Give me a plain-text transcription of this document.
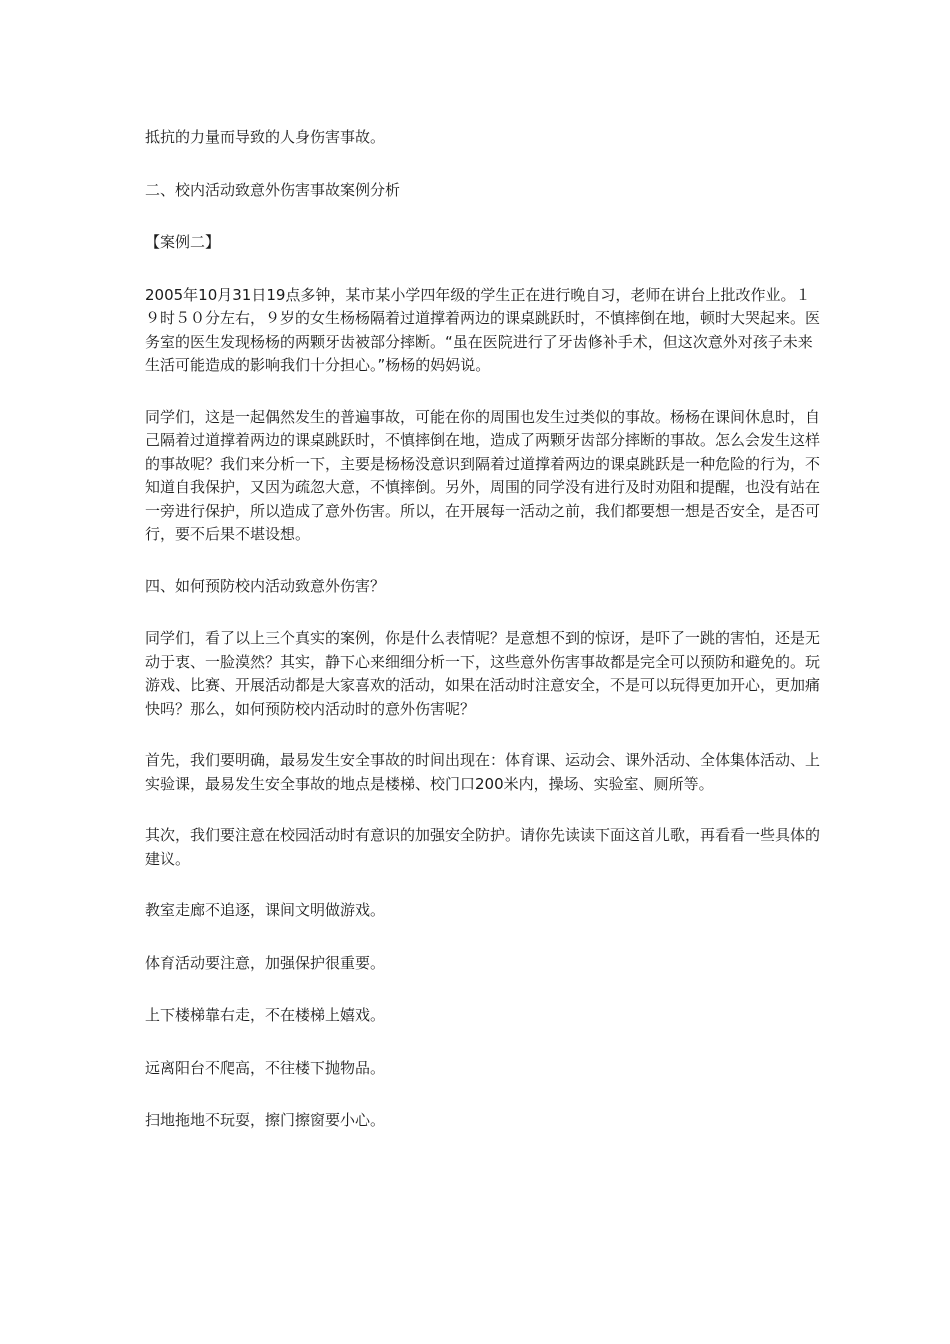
抵抗的力量而导致的人身伤害事故。

二、校内活动致意外伤害事故案例分析

【案例二】

2005年10月31日19点多钟，某市某小学四年级的学生正在进行晚自习，老师在讲台上批改作业。１９时５０分左右，９岁的女生杨杨隔着过道撑着两边的课桌跳跃时，不慎摔倒在地，顿时大哭起来。医务室的医生发现杨杨的两颗牙齿被部分摔断。“虽在医院进行了牙齿修补手术，但这次意外对孩子未来生活可能造成的影响我们十分担心。”杨杨的妈妈说。

同学们，这是一起偶然发生的普遍事故，可能在你的周围也发生过类似的事故。杨杨在课间休息时，自己隔着过道撑着两边的课桌跳跃时，不慎摔倒在地，造成了两颗牙齿部分摔断的事故。怎么会发生这样的事故呢？我们来分析一下，主要是杨杨没意识到隔着过道撑着两边的课桌跳跃是一种危险的行为，不知道自我保护，又因为疏忽大意，不慎摔倒。另外，周围的同学没有进行及时劝阻和提醒，也没有站在一旁进行保护，所以造成了意外伤害。所以，在开展每一活动之前，我们都要想一想是否安全，是否可行，要不后果不堪设想。

四、如何预防校内活动致意外伤害？

同学们，看了以上三个真实的案例，你是什么表情呢？是意想不到的惊讶，是吓了一跳的害怕，还是无动于衷、一脸漠然？其实，静下心来细细分析一下，这些意外伤害事故都是完全可以预防和避免的。玩游戏、比赛、开展活动都是大家喜欢的活动，如果在活动时注意安全，不是可以玩得更加开心，更加痛快吗？那么，如何预防校内活动时的意外伤害呢？

首先，我们要明确，最易发生安全事故的时间出现在：体育课、运动会、课外活动、全体集体活动、上实验课，最易发生安全事故的地点是楼梯、校门口200米内，操场、实验室、厕所等。

其次，我们要注意在校园活动时有意识的加强安全防护。请你先读读下面这首儿歌，再看看一些具体的建议。

教室走廊不追逐，课间文明做游戏。

体育活动要注意，加强保护很重要。

上下楼梯靠右走，不在楼梯上嬉戏。

远离阳台不爬高，不往楼下抛物品。

扫地拖地不玩耍，擦门擦窗要小心。
